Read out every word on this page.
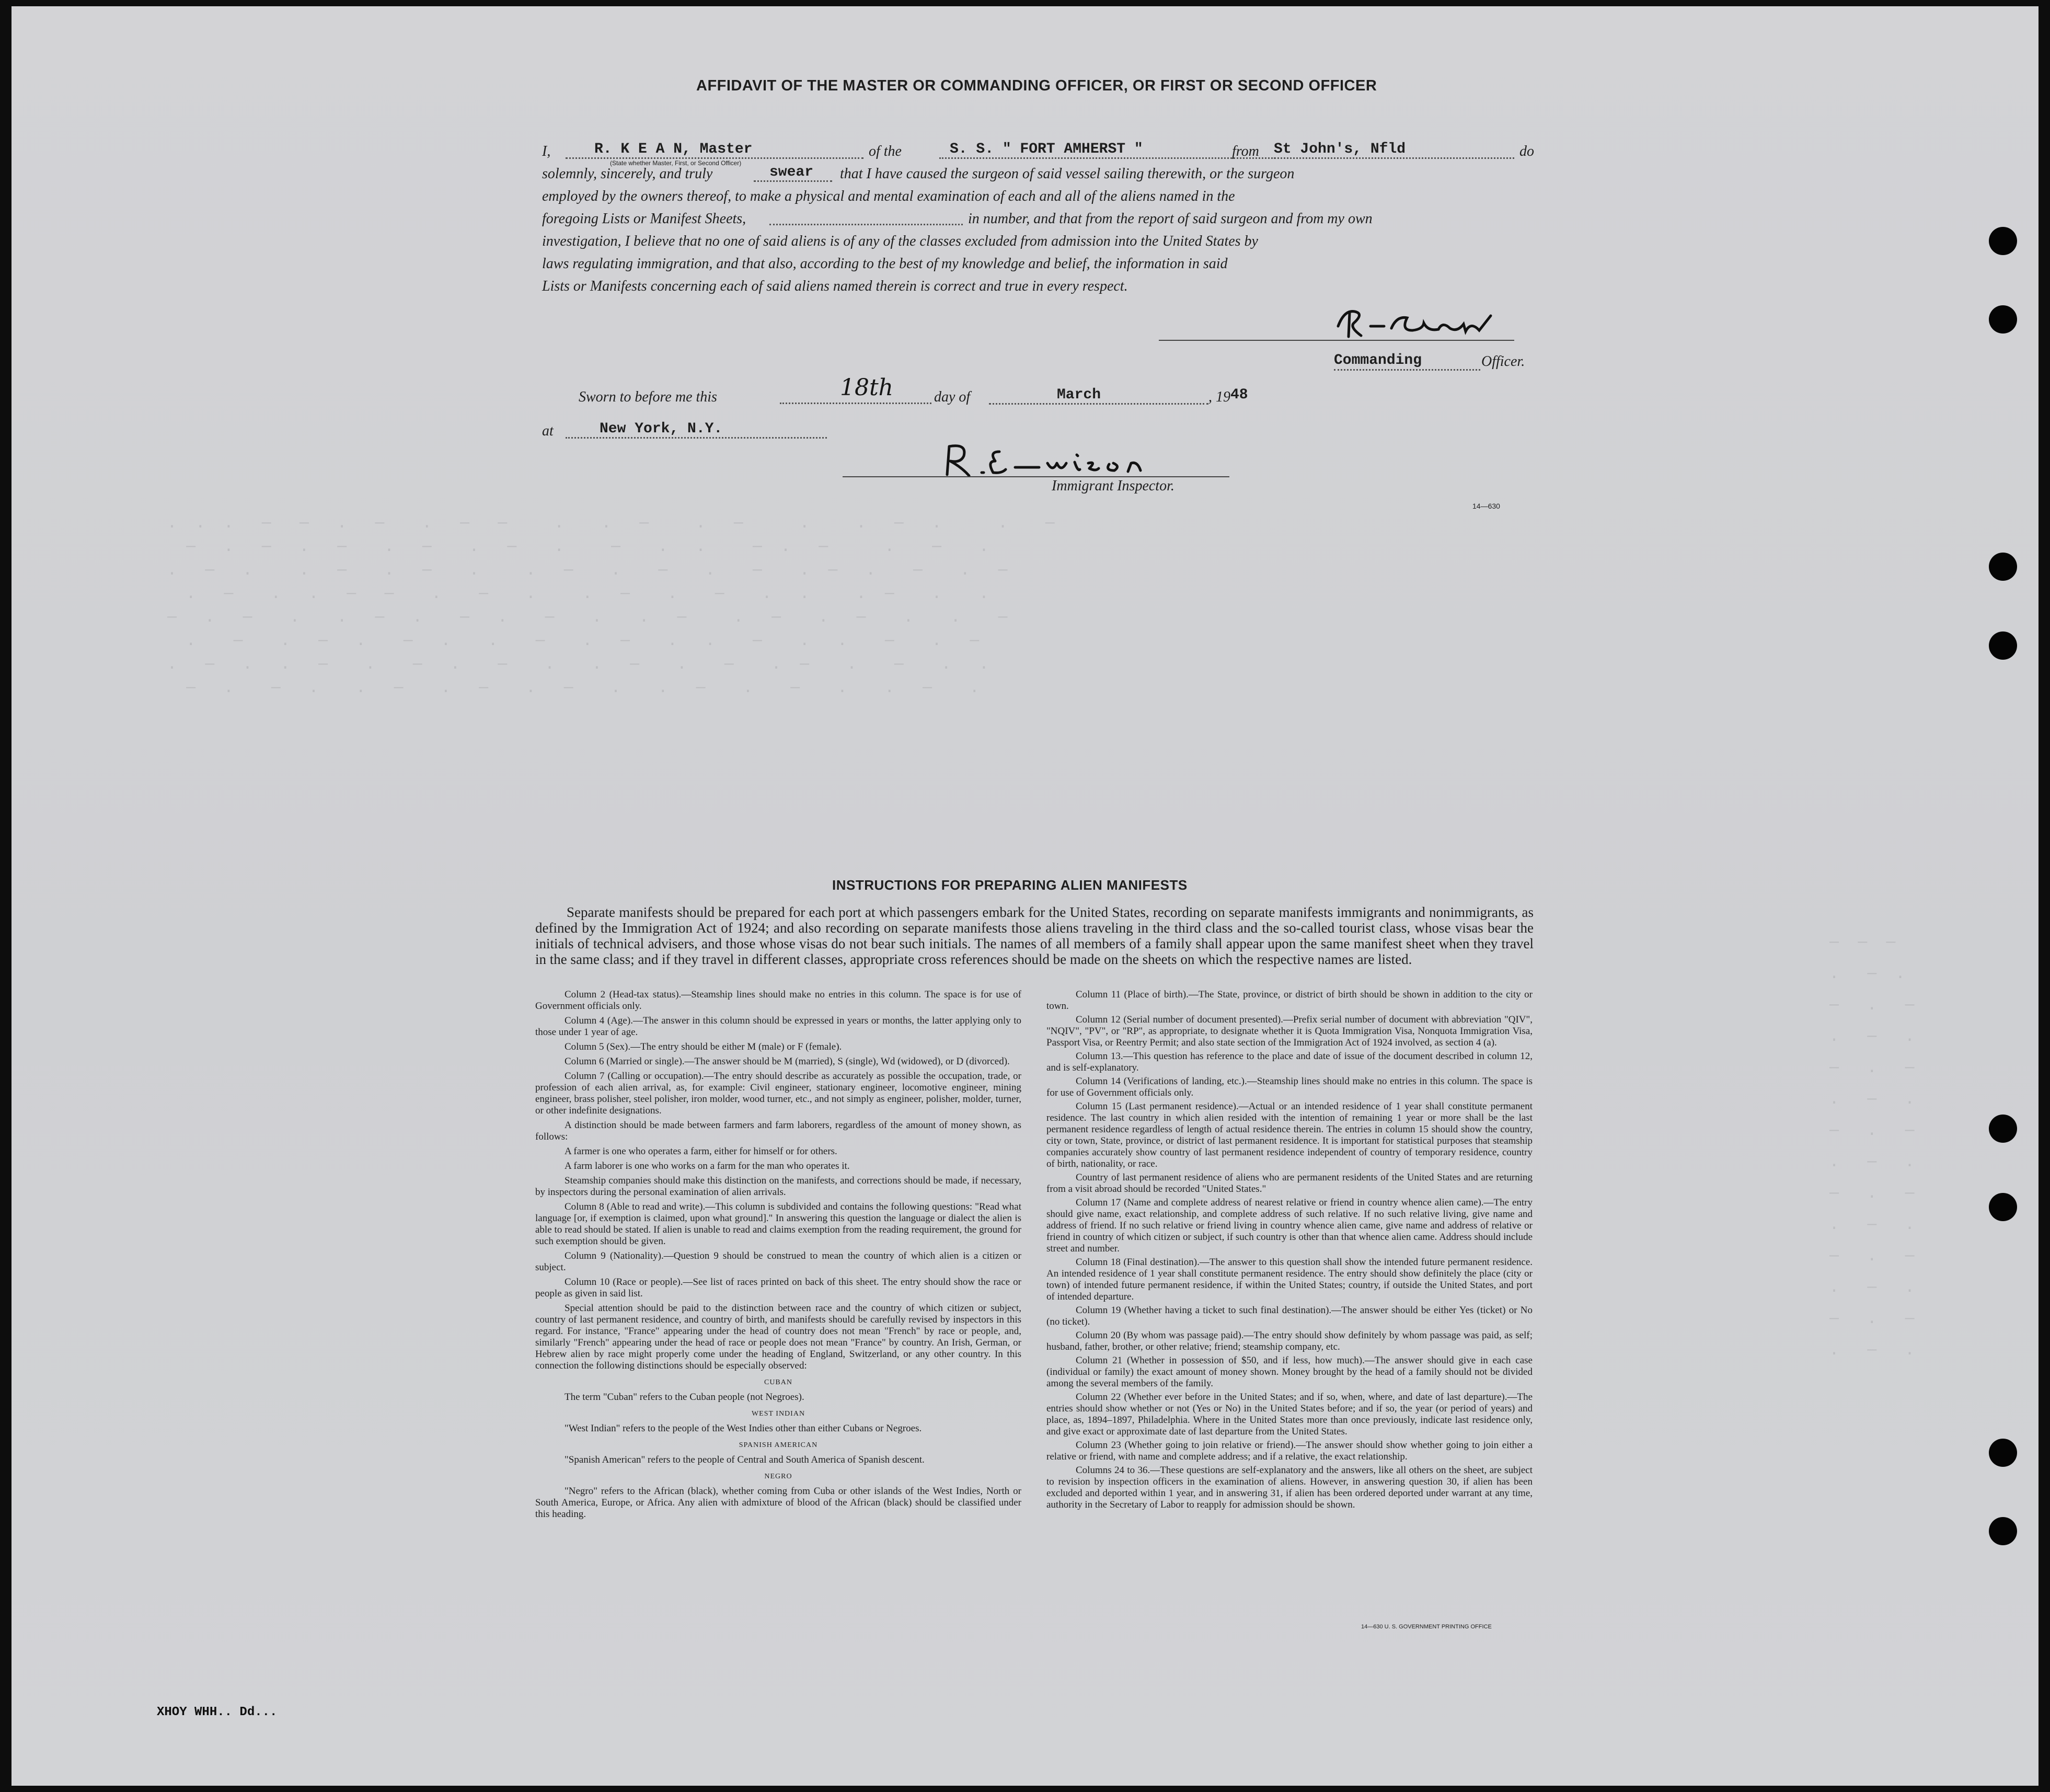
.  .  .   —   —   .   —    .   —   —     .    .   —     .   —      .     .   —   .      .    —
—   .   —   .   —    .   —    .   —    .     —    .   .     —  .   —      .    —    .
.   —   .     .   —    .   —    .     .   —    .    —    .    —    .  —   .    —    .   —
.   —    .   .   —   —    .    —    .     .   —    .    —    .   .     .  —    .    .
—   .   —    .    .   —   .    —   .    —    .    .   —     .   —    .   —    .    .    —
.    —    .   —   .    —   .    .    —    .   —    .   .    —    .   .    —    .   —
.   —   .   .   —    .    —   .    —    .    .   —    .    —    .  —    .    —    .   .
—   .    —   .    .   —    .   —    .   —    .    .   —    .    —    .    .   —    .

—  —  —
.   —  .
—   .   —
.   —   .
—   .   —
.   —   .
—   .   —
.   —   .
—   .   —
.   —   .
—   .   —
.   —   .
—   .   —
.   —   .

AFFIDAVIT OF THE MASTER OR COMMANDING OFFICER, OR FIRST OR SECOND OFFICER
I,	R. K E A N, Master
(State whether Master, First, or Second Officer)
of the	S. S. " FORT AMHERST "	from St John's, Nfld	do
solemnly, sincerely, and truly	swear	that I have caused the surgeon of said vessel sailing therewith, or the surgeon
employed by the owners thereof, to make a physical and mental examination of each and all of the aliens named in the
foregoing Lists or Manifest Sheets,	in number, and that from the report of said surgeon and from my own
investigation, I believe that no one of said aliens is of any of the classes excluded from admission into the United States by
laws regulating immigration, and that also, according to the best of my knowledge and belief, the information in said
Lists or Manifests concerning each of said aliens named therein is correct and true in every respect.
Commanding	Officer.
Sworn to before me this	18th	day of	March	, 19 48
at	New York, N.Y.
Immigrant Inspector.
14—630
INSTRUCTIONS FOR PREPARING ALIEN MANIFESTS
Separate manifests should be prepared for each port at which passengers embark for the United States, recording on separate manifests immigrants and nonimmigrants, as defined by the Immigration Act of 1924; and also recording on separate manifests those aliens traveling in the third class and the so-called tourist class, whose visas bear the initials of technical advisers, and those whose visas do not bear such initials. The names of all members of a family shall appear upon the same manifest sheet when they travel in the same class; and if they travel in different classes, appropriate cross references should be made on the sheets on which the respective names are listed.
Column 2 (Head-tax status).—Steamship lines should make no entries in this column. The space is for use of Government officials only.
Column 4 (Age).—The answer in this column should be expressed in years or months, the latter applying only to those under 1 year of age.
Column 5 (Sex).—The entry should be either M (male) or F (female).
Column 6 (Married or single).—The answer should be M (married), S (single), Wd (widowed), or D (divorced).
Column 7 (Calling or occupation).—The entry should describe as accurately as possible the occupation, trade, or profession of each alien arrival, as, for example: Civil engineer, stationary engineer, locomotive engineer, mining engineer, brass polisher, steel polisher, iron molder, wood turner, etc., and not simply as engineer, polisher, molder, turner, or other indefinite designations.
A distinction should be made between farmers and farm laborers, regardless of the amount of money shown, as follows:
A farmer is one who operates a farm, either for himself or for others.
A farm laborer is one who works on a farm for the man who operates it.
Steamship companies should make this distinction on the manifests, and corrections should be made, if necessary, by inspectors during the personal examination of alien arrivals.
Column 8 (Able to read and write).—This column is subdivided and contains the following questions: "Read what language [or, if exemption is claimed, upon what ground]." In answering this question the language or dialect the alien is able to read should be stated. If alien is unable to read and claims exemption from the reading requirement, the ground for such exemption should be given.
Column 9 (Nationality).—Question 9 should be construed to mean the country of which alien is a citizen or subject.
Column 10 (Race or people).—See list of races printed on back of this sheet. The entry should show the race or people as given in said list.
Special attention should be paid to the distinction between race and the country of which citizen or subject, country of last permanent residence, and country of birth, and manifests should be carefully revised by inspectors in this regard. For instance, "France" appearing under the head of country does not mean "French" by race or people, and, similarly "French" appearing under the head of race or people does not mean "France" by country. An Irish, German, or Hebrew alien by race might properly come under the heading of England, Switzerland, or any other country. In this connection the following distinctions should be especially observed:
CUBAN
The term "Cuban" refers to the Cuban people (not Negroes).
WEST INDIAN
"West Indian" refers to the people of the West Indies other than either Cubans or Negroes.
SPANISH AMERICAN
"Spanish American" refers to the people of Central and South America of Spanish descent.
NEGRO
"Negro" refers to the African (black), whether coming from Cuba or other islands of the West Indies, North or South America, Europe, or Africa. Any alien with admixture of blood of the African (black) should be classified under this heading.
Column 11 (Place of birth).—The State, province, or district of birth should be shown in addition to the city or town.
Column 12 (Serial number of document presented).—Prefix serial number of document with abbreviation "QIV", "NQIV", "PV", or "RP", as appropriate, to designate whether it is Quota Immigration Visa, Nonquota Immigration Visa, Passport Visa, or Reentry Permit; and also state section of the Immigration Act of 1924 involved, as section 4 (a).
Column 13.—This question has reference to the place and date of issue of the document described in column 12, and is self-explanatory.
Column 14 (Verifications of landing, etc.).—Steamship lines should make no entries in this column. The space is for use of Government officials only.
Column 15 (Last permanent residence).—Actual or an intended residence of 1 year shall constitute permanent residence. The last country in which alien resided with the intention of remaining 1 year or more shall be the last permanent residence regardless of length of actual residence therein. The entries in column 15 should show the country, city or town, State, province, or district of last permanent residence. It is important for statistical purposes that steamship companies accurately show country of last permanent residence independent of country of temporary residence, country of birth, nationality, or race.
Country of last permanent residence of aliens who are permanent residents of the United States and are returning from a visit abroad should be recorded "United States."
Column 17 (Name and complete address of nearest relative or friend in country whence alien came).—The entry should give name, exact relationship, and complete address of such relative. If no such relative living, give name and address of friend. If no such relative or friend living in country whence alien came, give name and address of relative or friend in country of which citizen or subject, if such country is other than that whence alien came. Address should include street and number.
Column 18 (Final destination).—The answer to this question shall show the intended future permanent residence. An intended residence of 1 year shall constitute permanent residence. The entry should show definitely the place (city or town) of intended future permanent residence, if within the United States; country, if outside the United States, and port of intended departure.
Column 19 (Whether having a ticket to such final destination).—The answer should be either Yes (ticket) or No (no ticket).
Column 20 (By whom was passage paid).—The entry should show definitely by whom passage was paid, as self; husband, father, brother, or other relative; friend; steamship company, etc.
Column 21 (Whether in possession of $50, and if less, how much).—The answer should give in each case (individual or family) the exact amount of money shown. Money brought by the head of a family should not be divided among the several members of the family.
Column 22 (Whether ever before in the United States; and if so, when, where, and date of last departure).—The entries should show whether or not (Yes or No) in the United States before; and if so, the year (or period of years) and place, as, 1894–1897, Philadelphia. Where in the United States more than once previously, indicate last residence only, and give exact or approximate date of last departure from the United States.
Column 23 (Whether going to join relative or friend).—The answer should show whether going to join either a relative or friend, with name and complete address; and if a relative, the exact relationship.
Columns 24 to 36.—These questions are self-explanatory and the answers, like all others on the sheet, are subject to revision by inspection officers in the examination of aliens. However, in answering question 30, if alien has been excluded and deported within 1 year, and in answering 31, if alien has been ordered deported under warrant at any time, authority in the Secretary of Labor to reapply for admission should be shown.
14—630 U. S. GOVERNMENT PRINTING OFFICE
XHOY WHH.. Dd...
